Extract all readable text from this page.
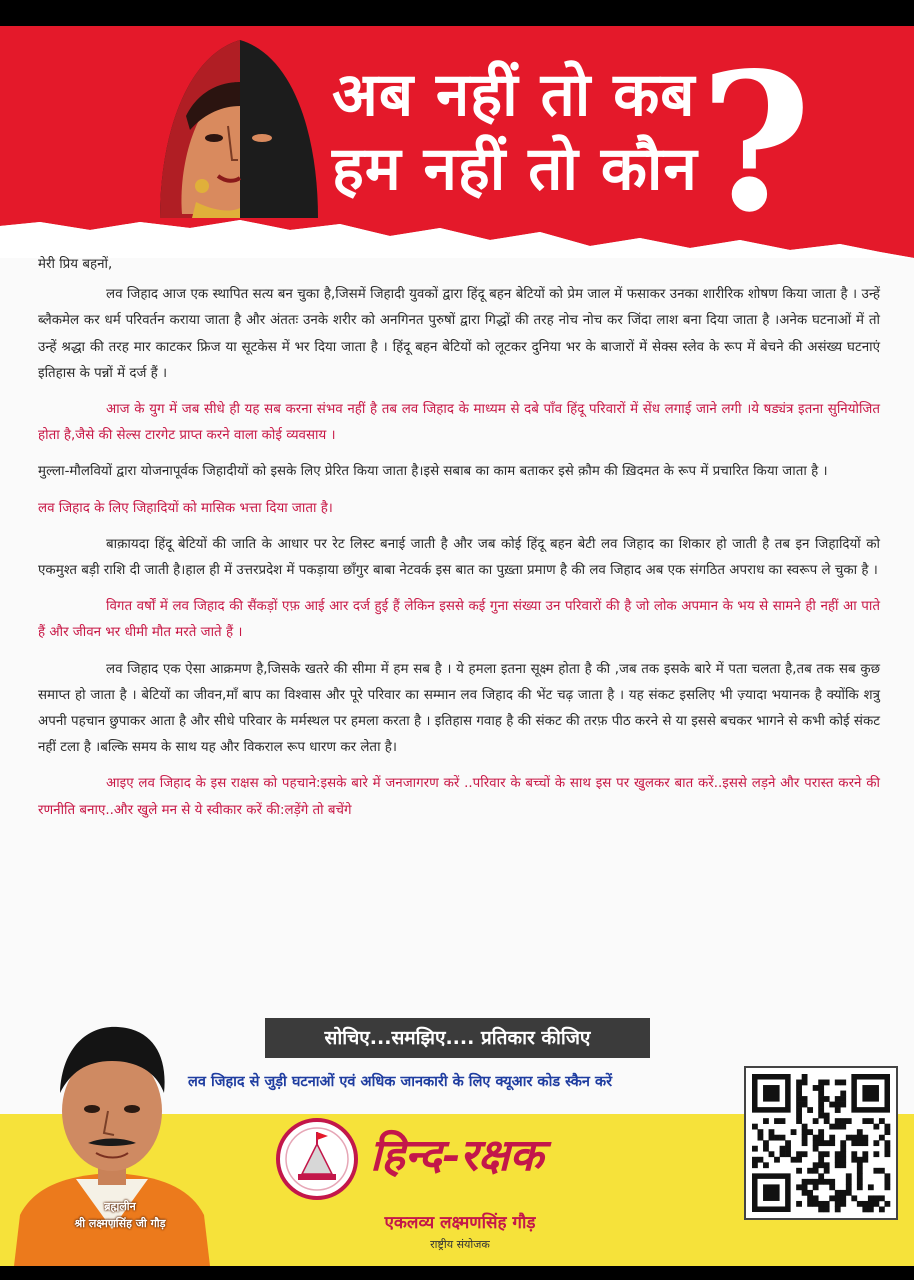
अब नहीं तो कब
हम नहीं तो कौन ?

मेरी प्रिय बहनों,

लव जिहाद आज एक स्थापित सत्य बन चुका है,जिसमें जिहादी युवकों द्वारा हिंदू बहन बेटियों को प्रेम जाल में फसाकर उनका शारीरिक शोषण किया जाता है । उन्हें ब्लैकमेल कर धर्म परिवर्तन कराया जाता है और अंततः उनके शरीर को अनगिनत पुरुषों द्वारा गिद्धों की तरह नोच नोच कर जिंदा लाश बना दिया जाता है ।अनेक घटनाओं में तो उन्हें श्रद्धा की तरह मार काटकर फ्रिज या सूटकेस में भर दिया जाता है । हिंदू बहन बेटियों को लूटकर दुनिया भर के बाजारों में सेक्स स्लेव के रूप में बेचने की असंख्य घटनाएं इतिहास के पन्नों में दर्ज हैं ।

आज के युग में जब सीधे ही यह सब करना संभव नहीं है तब लव जिहाद के माध्यम से दबे पाँव हिंदू परिवारों में सेंध लगाई जाने लगी ।ये षड्यंत्र इतना सुनियोजित होता है,जैसे की सेल्स टारगेट प्राप्त करने वाला कोई व्यवसाय ।

मुल्ला-मौलवियों द्वारा योजनापूर्वक जिहादीयों को इसके लिए प्रेरित किया जाता है।इसे सबाब का काम बताकर इसे क़ौम की ख़िदमत के रूप में प्रचारित किया जाता है ।

लव जिहाद के लिए जिहादियों को मासिक भत्ता दिया जाता है।

बाक़ायदा हिंदू बेटियों की जाति के आधार पर रेट लिस्ट बनाई जाती है और जब कोई हिंदू बहन बेटी लव जिहाद का शिकार हो जाती है तब इन जिहादियों को एकमुश्त बड़ी राशि दी जाती है।हाल ही में उत्तरप्रदेश में पकड़ाया छाँगुर बाबा नेटवर्क इस बात का पुख़्ता प्रमाण है की लव जिहाद अब एक संगठित अपराध का स्वरूप ले चुका है ।

विगत वर्षों में लव जिहाद की सैंकड़ों एफ़ आई आर दर्ज हुई हैं लेकिन इससे कई गुना संख्या उन परिवारों की है जो लोक अपमान के भय से सामने ही नहीं आ पाते हैं और जीवन भर धीमी मौत मरते जाते हैं ।

लव जिहाद एक ऐसा आक्रमण है,जिसके खतरे की सीमा में हम सब है । ये हमला इतना सूक्ष्म होता है की ,जब तक इसके बारे में पता चलता है,तब तक सब कुछ समाप्त हो जाता है । बेटियों का जीवन,माँ बाप का विश्वास और पूरे परिवार का सम्मान लव जिहाद की भेंट चढ़ जाता है । यह संकट इसलिए भी ज़्यादा भयानक है क्योंकि शत्रु अपनी पहचान छुपाकर आता है और सीधे परिवार के मर्मस्थल पर हमला करता है । इतिहास गवाह है की संकट की तरफ़ पीठ करने से या इससे बचकर भागने से कभी कोई संकट नहीं टला है ।बल्कि समय के साथ यह और विकराल रूप धारण कर लेता है।

आइए लव जिहाद के इस राक्षस को पहचाने:इसके बारे में जनजागरण करें ..परिवार के बच्चों के साथ इस पर खुलकर बात करें..इससे लड़ने और परास्त करने की रणनीति बनाए..और खुले मन से ये स्वीकार करें की:लड़ेंगे तो बचेंगे

सोचिए...समझिए.... प्रतिकार कीजिए
लव जिहाद से जुड़ी घटनाओं एवं अधिक जानकारी के लिए क्यूआर कोड स्कैन करें
ब्रह्मलीन
श्री लक्ष्मणसिंह जी गौड़
हिन्द-रक्षक
एकलव्य लक्ष्मणसिंह गौड़
राष्ट्रीय संयोजक
